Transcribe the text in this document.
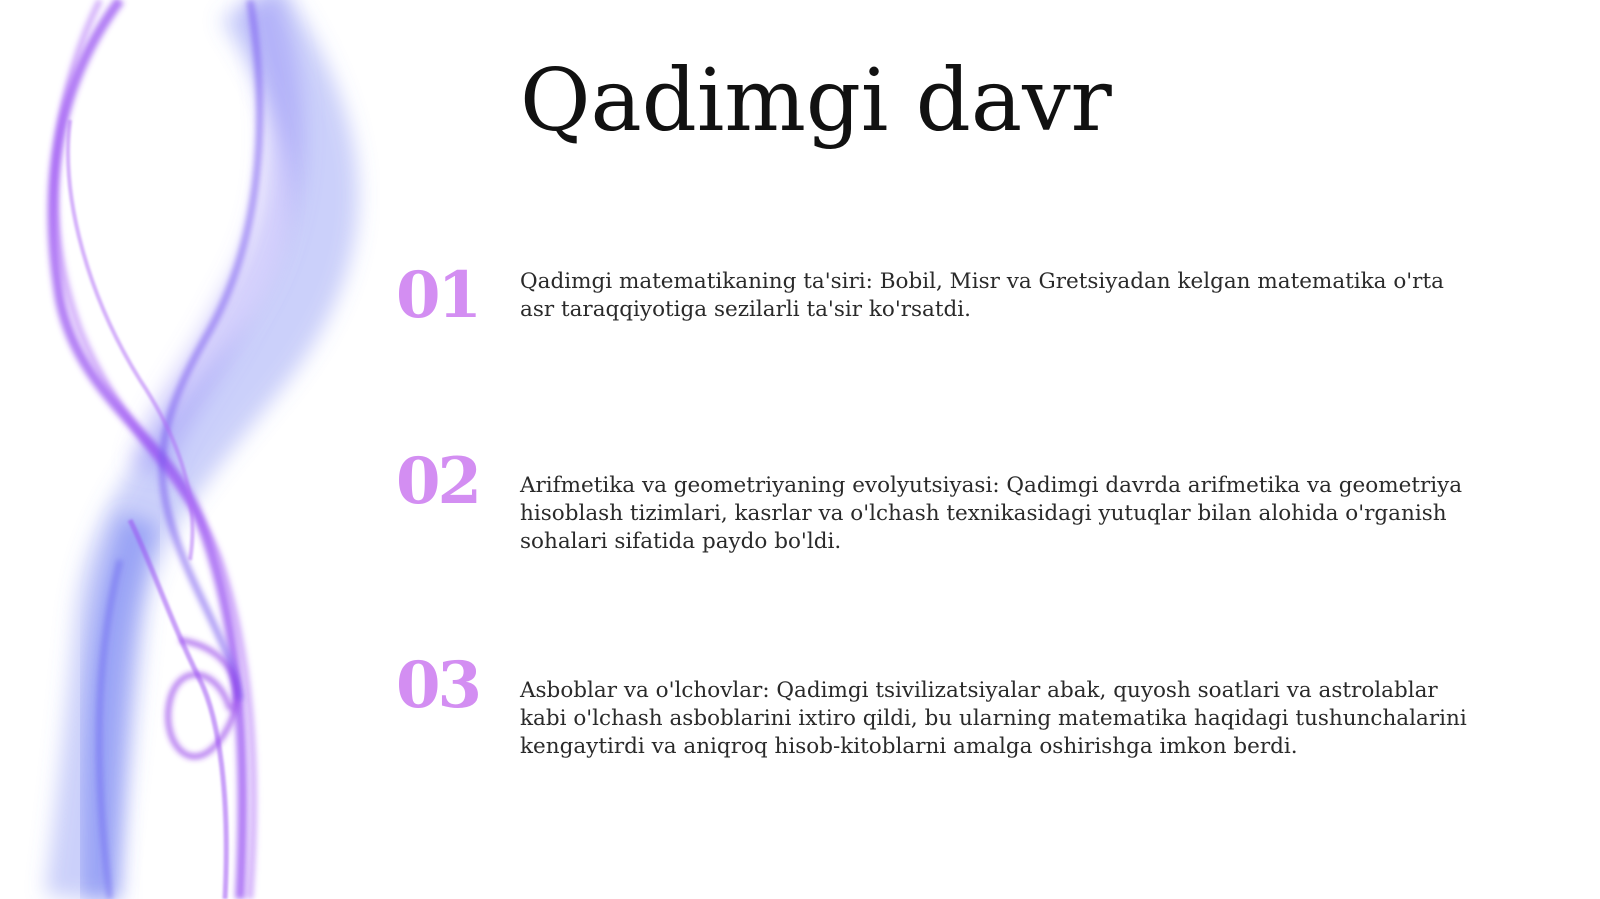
Qadimgi davr
01	Qadimgi matematikaning ta'siri: Bobil, Misr va Gretsiyadan kelgan matematika o'rta asr taraqqiyotiga sezilarli ta'sir ko'rsatdi.

02	Arifmetika va geometriyaning evolyutsiyasi: Qadimgi davrda arifmetika va geometriya hisoblash tizimlari, kasrlar va o'lchash texnikasidagi yutuqlar bilan alohida o'rganish sohalari sifatida paydo bo'ldi.

03	Asboblar va o'lchovlar: Qadimgi tsivilizatsiyalar abak, quyosh soatlari va astrolablar kabi o'lchash asboblarini ixtiro qildi, bu ularning matematika haqidagi tushunchalarini kengaytirdi va aniqroq hisob-kitoblarni amalga oshirishga imkon berdi.
